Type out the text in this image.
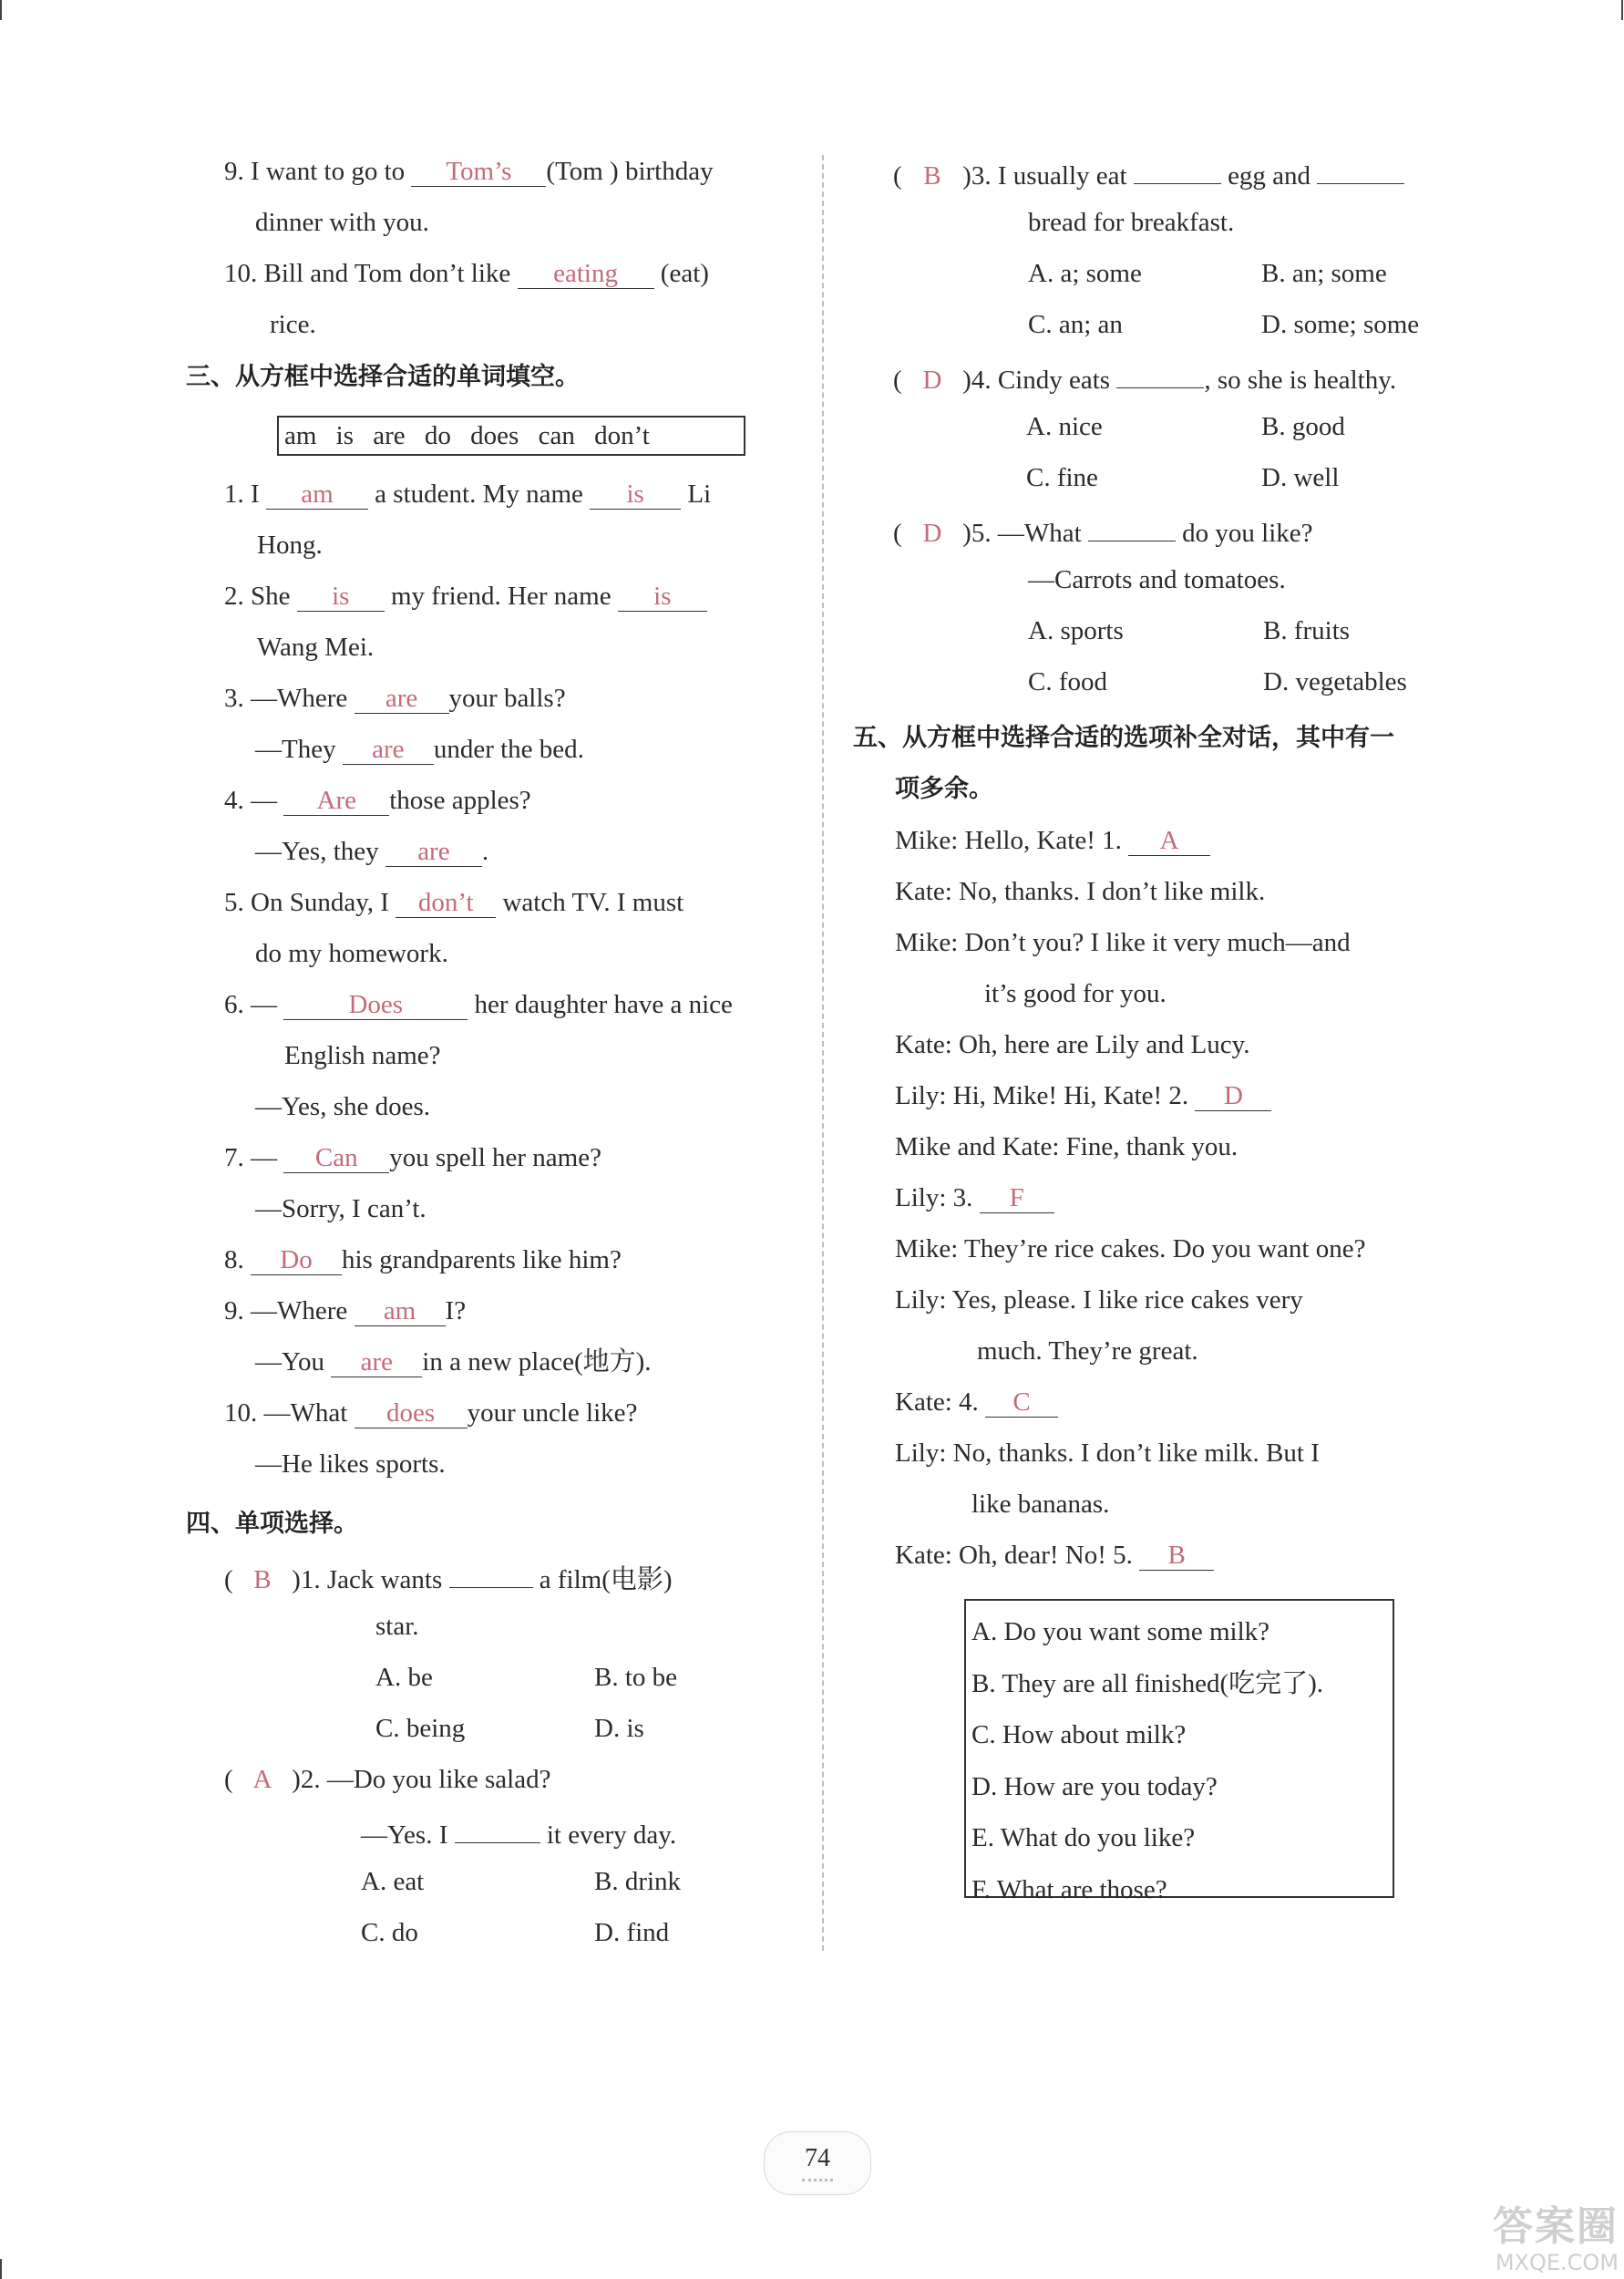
9. I want to go to Tom’s (Tom ) birthday
dinner with you.
10. Bill and Tom don’t like eating (eat)
rice.
三、从方框中选择合适的单词填空。
am is are do does can don’t
1. I am a student. My name is Li
Hong.
2. She is my friend. Her name is
Wang Mei.
3. —Where are your balls?
—They are under the bed.
4. — Are those apples?
—Yes, they are .
5. On Sunday, I don’t watch TV. I must
do my homework.
6. —	Does	her daughter have a nice
English name?
—Yes, she does.
7. — Can you spell her name?
—Sorry, I can’t.
8. Do his grandparents like him?
9. —Where am I?
—You are in a new place(地方).
10. —What does your uncle like?
—He likes sports.
四、单项选择。
( B )1. Jack wants	a film(电影)
star.
A. be	B. to be
C. being	D. is
( A )2. —Do you like salad?
—Yes. I	it every day.
A. eat	B. drink
C. do	D. find
( B )3. I usually eat	egg and
bread for breakfast.
A. a; some	B. an; some
C. an; an	D. some; some
( D )4. Cindy eats	, so she is healthy.
A. nice	B. good
C. fine	D. well
( D )5. —What	do you like?
—Carrots and tomatoes.
A. sports	B. fruits
C. food	D. vegetables
五、从方框中选择合适的选项补全对话，其中有一
项多余。
Mike: Hello, Kate! 1. A
Kate: No, thanks. I don’t like milk.
Mike: Don’t you? I like it very much—and
it’s good for you.
Kate: Oh, here are Lily and Lucy.
Lily: Hi, Mike! Hi, Kate! 2. D
Mike and Kate: Fine, thank you.
Lily: 3. F
Mike: They’re rice cakes. Do you want one?
Lily: Yes, please. I like rice cakes very
much. They’re great.
Kate: 4. C
Lily: No, thanks. I don’t like milk. But I
like bananas.
Kate: Oh, dear! No! 5. B
A. Do you want some milk?
B. They are all finished(吃完了).
C. How about milk?
D. How are you today?
E. What do you like?
F. What are those?
74
答案圈
MXQE.COM
